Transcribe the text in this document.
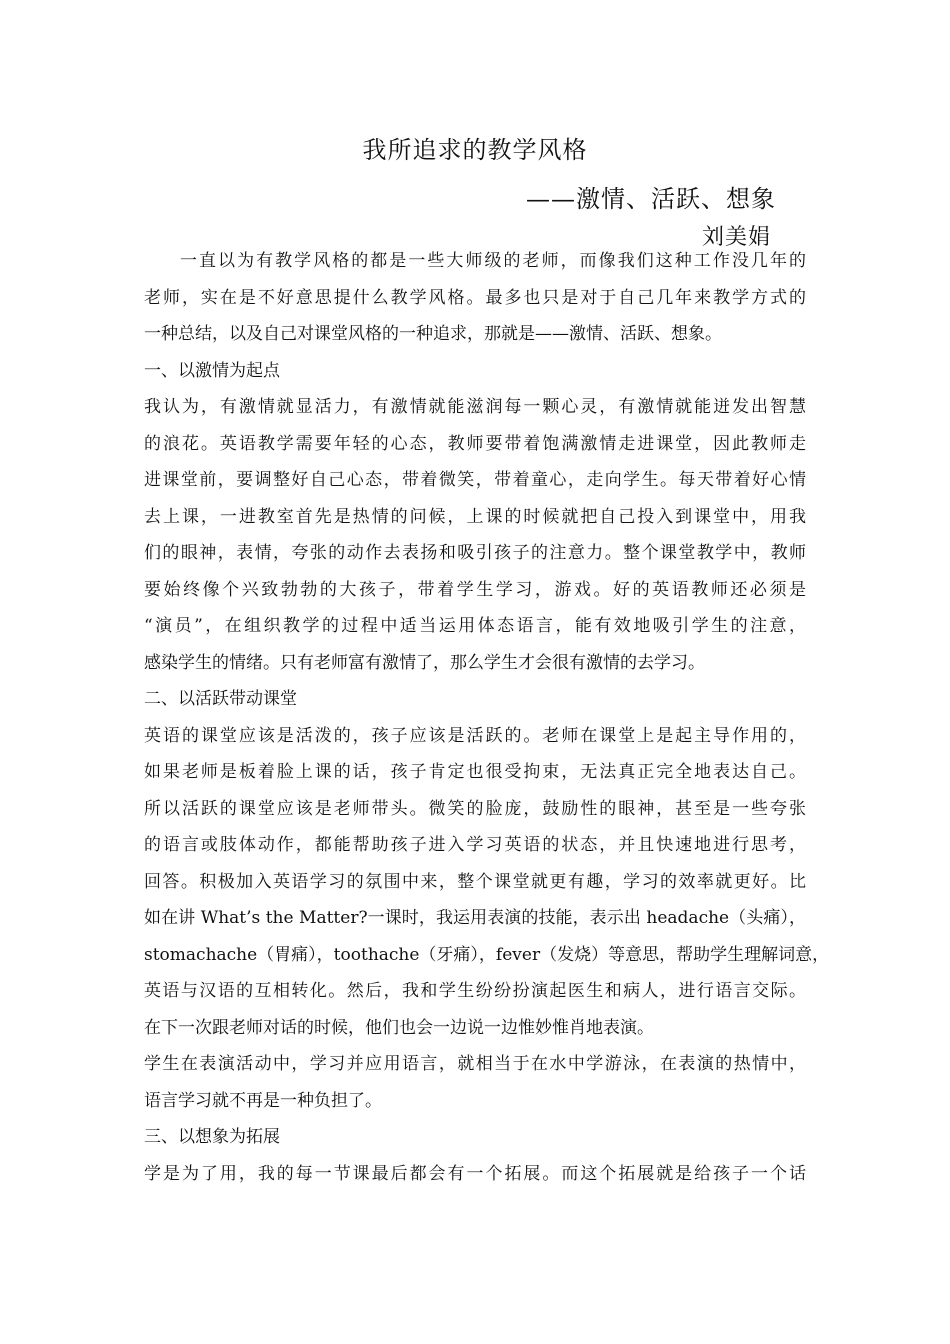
我所追求的教学风格
——激情、活跃、想象
刘美娟
一直以为有教学风格的都是一些大师级的老师，而像我们这种工作没几年的
老师，实在是不好意思提什么教学风格。最多也只是对于自己几年来教学方式的
一种总结，以及自己对课堂风格的一种追求，那就是——激情、活跃、想象。
一、以激情为起点
我认为，有激情就显活力，有激情就能滋润每一颗心灵，有激情就能迸发出智慧
的浪花。英语教学需要年轻的心态，教师要带着饱满激情走进课堂，因此教师走
进课堂前，要调整好自己心态，带着微笑，带着童心，走向学生。每天带着好心情
去上课，一进教室首先是热情的问候，上课的时候就把自己投入到课堂中，用我
们的眼神，表情，夸张的动作去表扬和吸引孩子的注意力。整个课堂教学中，教师
要始终像个兴致勃勃的大孩子，带着学生学习，游戏。好的英语教师还必须是
“演员”，在组织教学的过程中适当运用体态语言，能有效地吸引学生的注意，
感染学生的情绪。只有老师富有激情了，那么学生才会很有激情的去学习。
二、以活跃带动课堂
英语的课堂应该是活泼的，孩子应该是活跃的。老师在课堂上是起主导作用的，
如果老师是板着脸上课的话，孩子肯定也很受拘束，无法真正完全地表达自己。
所以活跃的课堂应该是老师带头。微笑的脸庞，鼓励性的眼神，甚至是一些夸张
的语言或肢体动作，都能帮助孩子进入学习英语的状态，并且快速地进行思考，
回答。积极加入英语学习的氛围中来，整个课堂就更有趣，学习的效率就更好。比
如在讲 What’s the Matter?一课时，我运用表演的技能，表示出 headache（头痛），
stomachache（胃痛），toothache（牙痛），fever（发烧）等意思，帮助学生理解词意，
英语与汉语的互相转化。然后，我和学生纷纷扮演起医生和病人，进行语言交际。
在下一次跟老师对话的时候，他们也会一边说一边惟妙惟肖地表演。
学生在表演活动中，学习并应用语言，就相当于在水中学游泳，在表演的热情中，
语言学习就不再是一种负担了。
三、以想象为拓展
学是为了用，我的每一节课最后都会有一个拓展。而这个拓展就是给孩子一个话
